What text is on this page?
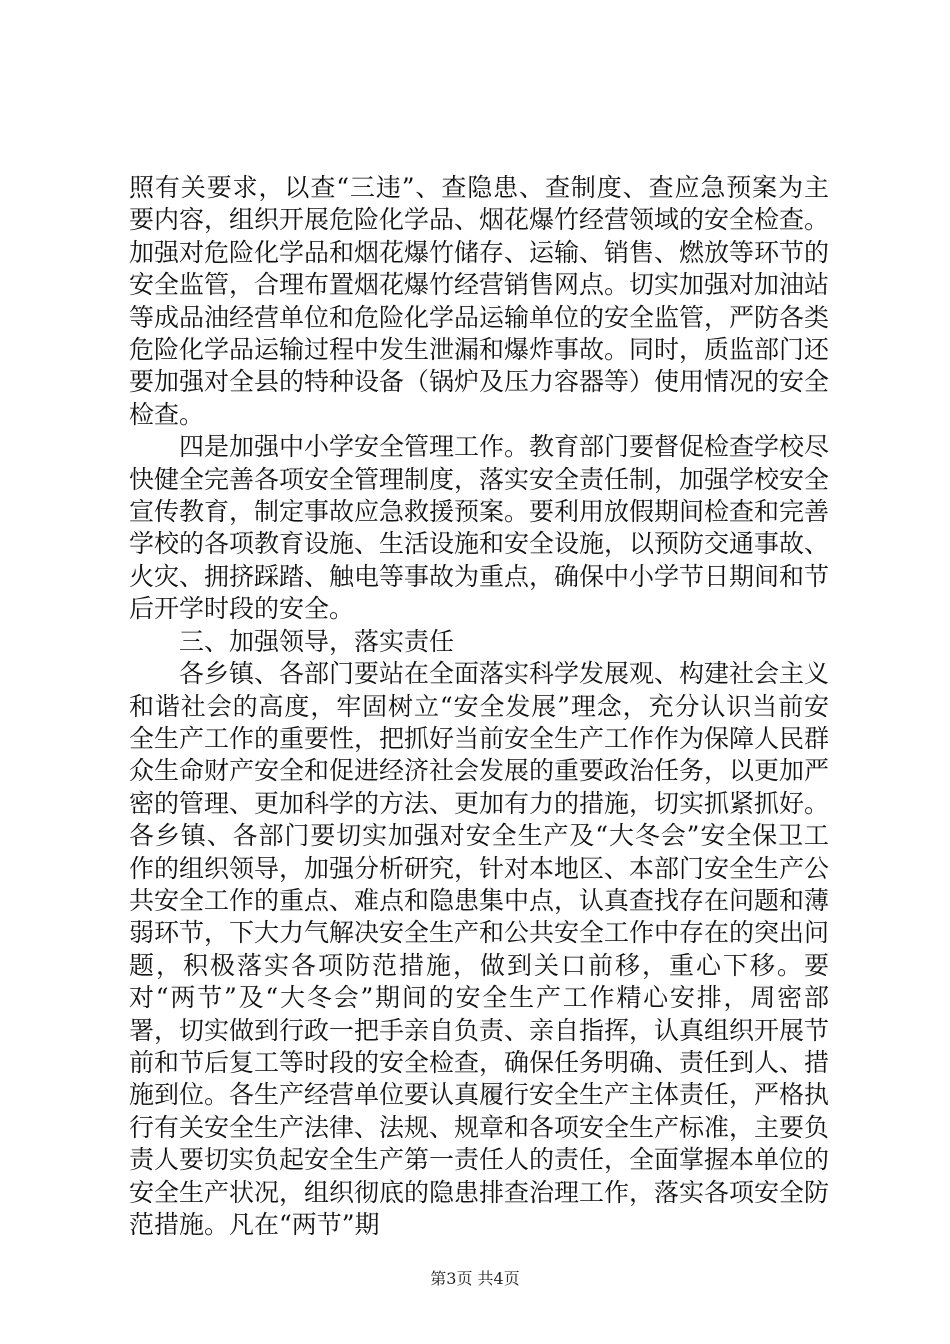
照有关要求，以查“三违”、查隐患、查制度、查应急预案为主要内容，组织开展危险化学品、烟花爆竹经营领域的安全检查。加强对危险化学品和烟花爆竹储存、运输、销售、燃放等环节的安全监管，合理布置烟花爆竹经营销售网点。切实加强对加油站等成品油经营单位和危险化学品运输单位的安全监管，严防各类危险化学品运输过程中发生泄漏和爆炸事故。同时，质监部门还要加强对全县的特种设备（锅炉及压力容器等）使用情况的安全检查。

四是加强中小学安全管理工作。教育部门要督促检查学校尽快健全完善各项安全管理制度，落实安全责任制，加强学校安全宣传教育，制定事故应急救援预案。要利用放假期间检查和完善学校的各项教育设施、生活设施和安全设施，以预防交通事故、火灾、拥挤踩踏、触电等事故为重点，确保中小学节日期间和节后开学时段的安全。

三、加强领导，落实责任

各乡镇、各部门要站在全面落实科学发展观、构建社会主义和谐社会的高度，牢固树立“安全发展”理念，充分认识当前安全生产工作的重要性，把抓好当前安全生产工作作为保障人民群众生命财产安全和促进经济社会发展的重要政治任务，以更加严密的管理、更加科学的方法、更加有力的措施，切实抓紧抓好。各乡镇、各部门要切实加强对安全生产及“大冬会”安全保卫工作的组织领导，加强分析研究，针对本地区、本部门安全生产公共安全工作的重点、难点和隐患集中点，认真查找存在问题和薄弱环节，下大力气解决安全生产和公共安全工作中存在的突出问题，积极落实各项防范措施，做到关口前移，重心下移。要对“两节”及“大冬会”期间的安全生产工作精心安排，周密部署，切实做到行政一把手亲自负责、亲自指挥，认真组织开展节前和节后复工等时段的安全检查，确保任务明确、责任到人、措施到位。各生产经营单位要认真履行安全生产主体责任，严格执行有关安全生产法律、法规、规章和各项安全生产标准，主要负责人要切实负起安全生产第一责任人的责任，全面掌握本单位的安全生产状况，组织彻底的隐患排查治理工作，落实各项安全防范措施。凡在“两节”期

第3页 共4页
